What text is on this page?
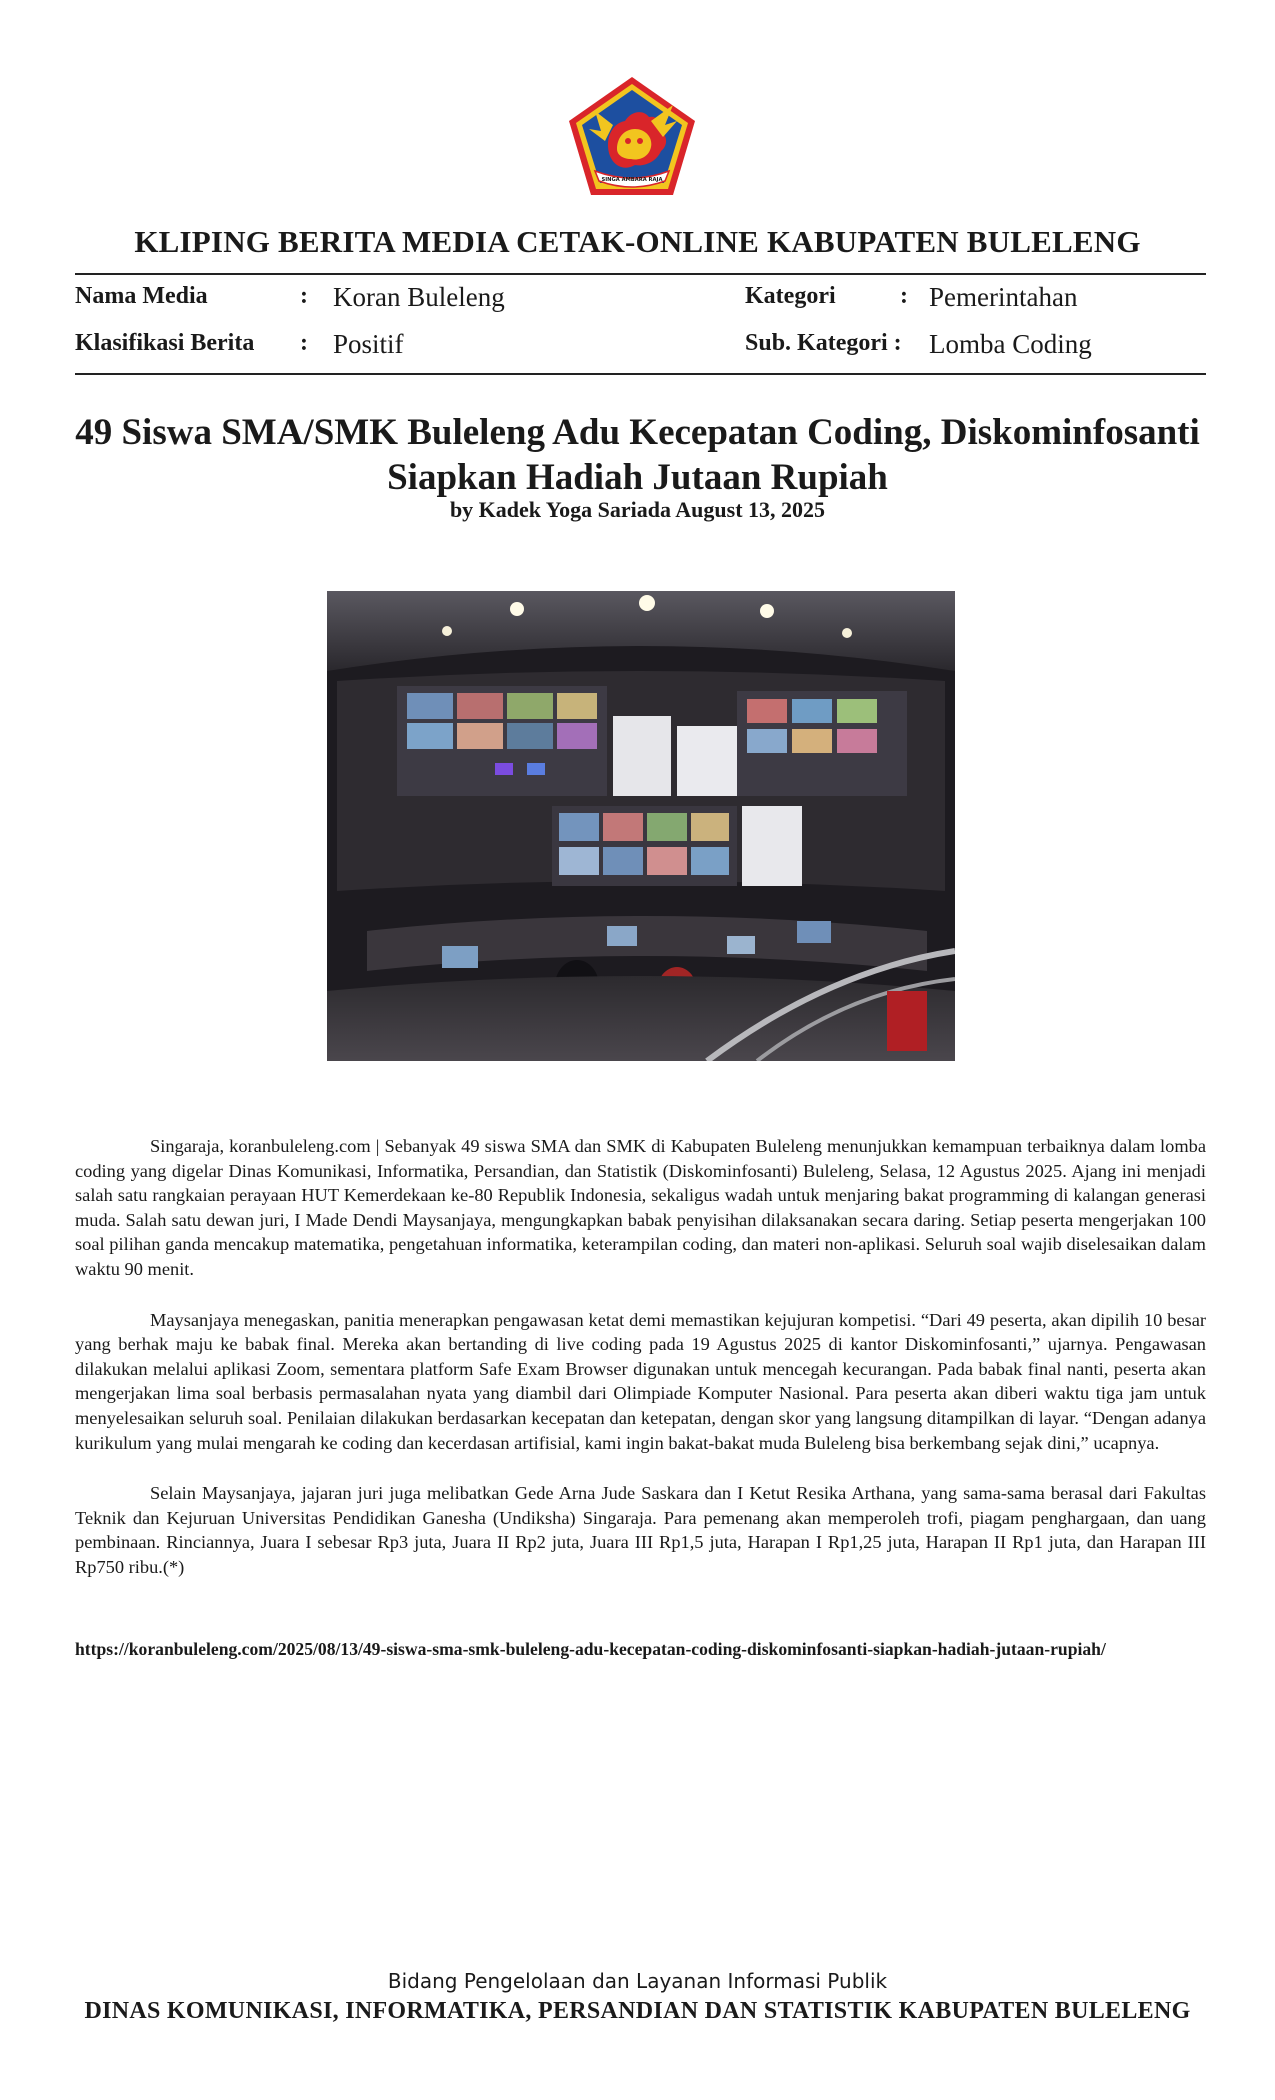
SINGA AMBARA RAJA
KLIPING BERITA MEDIA CETAK-ONLINE KABUPATEN BULELENG
Nama Media	: Koran Buleleng
Klasifikasi Berita : Positif
Kategori	: Pemerintahan
Sub. Kategori : Lomba Coding
49 Siswa SMA/SMK Buleleng Adu Kecepatan Coding, Diskominfosanti Siapkan Hadiah Jutaan Rupiah
by Kadek Yoga Sariada August 13, 2025

Singaraja, koranbuleleng.com | Sebanyak 49 siswa SMA dan SMK di Kabupaten Buleleng menunjukkan kemampuan terbaiknya dalam lomba coding yang digelar Dinas Komunikasi, Informatika, Persandian, dan Statistik (Diskominfosanti) Buleleng, Selasa, 12 Agustus 2025. Ajang ini menjadi salah satu rangkaian perayaan HUT Kemerdekaan ke-80 Republik Indonesia, sekaligus wadah untuk menjaring bakat programming di kalangan generasi muda. Salah satu dewan juri, I Made Dendi Maysanjaya, mengungkapkan babak penyisihan dilaksanakan secara daring. Setiap peserta mengerjakan 100 soal pilihan ganda mencakup matematika, pengetahuan informatika, keterampilan coding, dan materi non-aplikasi. Seluruh soal wajib diselesaikan dalam waktu 90 menit.

Maysanjaya menegaskan, panitia menerapkan pengawasan ketat demi memastikan kejujuran kompetisi. “Dari 49 peserta, akan dipilih 10 besar yang berhak maju ke babak final. Mereka akan bertanding di live coding pada 19 Agustus 2025 di kantor Diskominfosanti,” ujarnya. Pengawasan dilakukan melalui aplikasi Zoom, sementara platform Safe Exam Browser digunakan untuk mencegah kecurangan. Pada babak final nanti, peserta akan mengerjakan lima soal berbasis permasalahan nyata yang diambil dari Olimpiade Komputer Nasional. Para peserta akan diberi waktu tiga jam untuk menyelesaikan seluruh soal. Penilaian dilakukan berdasarkan kecepatan dan ketepatan, dengan skor yang langsung ditampilkan di layar. “Dengan adanya kurikulum yang mulai mengarah ke coding dan kecerdasan artifisial, kami ingin bakat-bakat muda Buleleng bisa berkembang sejak dini,” ucapnya.

Selain Maysanjaya, jajaran juri juga melibatkan Gede Arna Jude Saskara dan I Ketut Resika Arthana, yang sama-sama berasal dari Fakultas Teknik dan Kejuruan Universitas Pendidikan Ganesha (Undiksha) Singaraja. Para pemenang akan memperoleh trofi, piagam penghargaan, dan uang pembinaan. Rinciannya, Juara I sebesar Rp3 juta, Juara II Rp2 juta, Juara III Rp1,5 juta, Harapan I Rp1,25 juta, Harapan II Rp1 juta, dan Harapan III Rp750 ribu.(*)

https://koranbuleleng.com/2025/08/13/49-siswa-sma-smk-buleleng-adu-kecepatan-coding-diskominfosanti-siapkan-hadiah-jutaan-rupiah/
Bidang Pengelolaan dan Layanan Informasi Publik
DINAS KOMUNIKASI, INFORMATIKA, PERSANDIAN DAN STATISTIK KABUPATEN BULELENG
